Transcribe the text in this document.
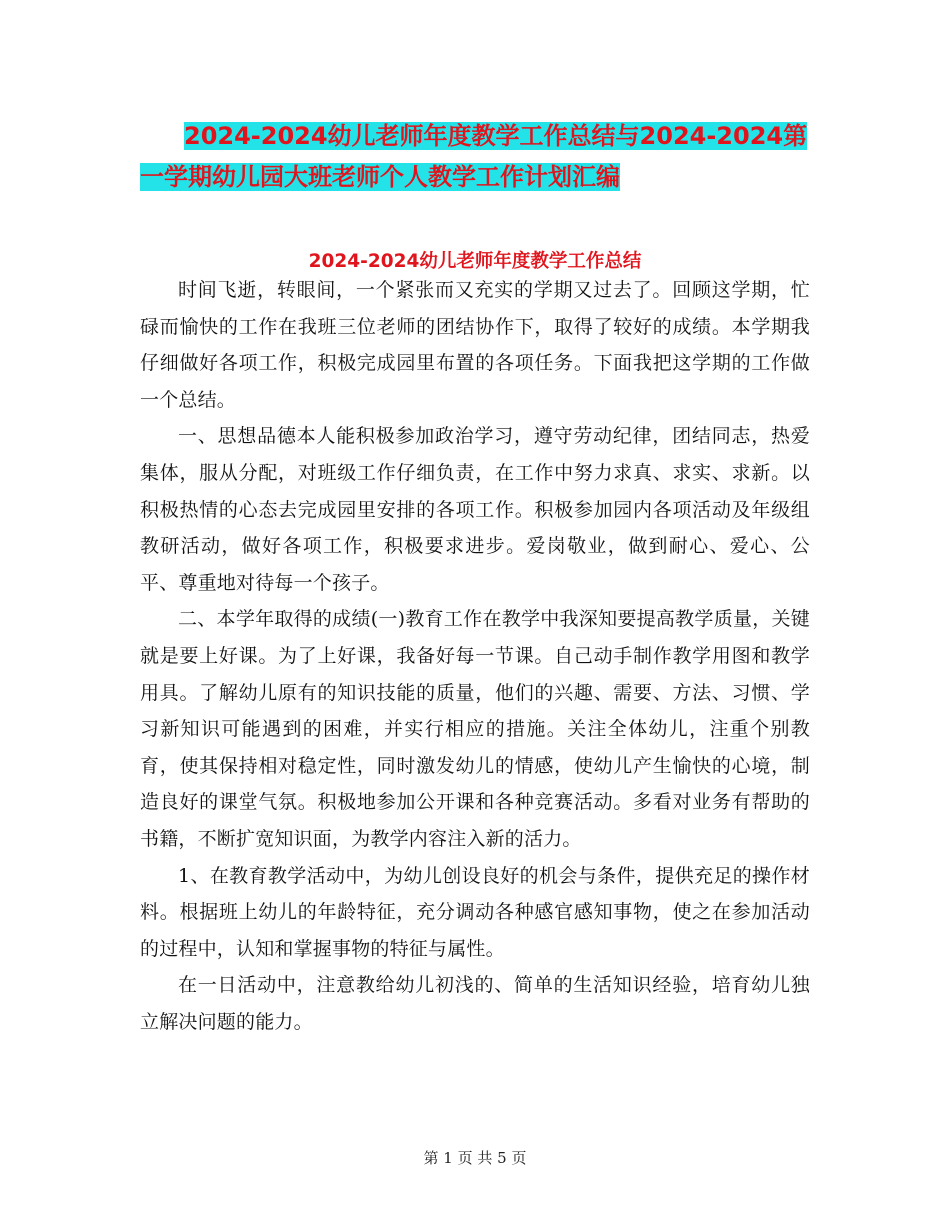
2024-2024幼儿老师年度教学工作总结与2024-2024第
一学期幼儿园大班老师个人教学工作计划汇编
2024-2024幼儿老师年度教学工作总结

时间飞逝，转眼间，一个紧张而又充实的学期又过去了。回顾这学期，忙碌而愉快的工作在我班三位老师的团结协作下，取得了较好的成绩。本学期我仔细做好各项工作，积极完成园里布置的各项任务。下面我把这学期的工作做一个总结。

一、思想品德本人能积极参加政治学习，遵守劳动纪律，团结同志，热爱集体，服从分配，对班级工作仔细负责，在工作中努力求真、求实、求新。以积极热情的心态去完成园里安排的各项工作。积极参加园内各项活动及年级组教研活动，做好各项工作，积极要求进步。爱岗敬业，做到耐心、爱心、公平、尊重地对待每一个孩子。

二、本学年取得的成绩(一)教育工作在教学中我深知要提高教学质量，关键就是要上好课。为了上好课，我备好每一节课。自己动手制作教学用图和教学用具。了解幼儿原有的知识技能的质量，他们的兴趣、需要、方法、习惯、学习新知识可能遇到的困难，并实行相应的措施。关注全体幼儿，注重个别教育，使其保持相对稳定性，同时激发幼儿的情感，使幼儿产生愉快的心境，制造良好的课堂气氛。积极地参加公开课和各种竞赛活动。多看对业务有帮助的书籍，不断扩宽知识面，为教学内容注入新的活力。

1、在教育教学活动中，为幼儿创设良好的机会与条件，提供充足的操作材料。根据班上幼儿的年龄特征，充分调动各种感官感知事物，使之在参加活动的过程中，认知和掌握事物的特征与属性。

在一日活动中，注意教给幼儿初浅的、简单的生活知识经验，培育幼儿独立解决问题的能力。

第 1 页 共 5 页
